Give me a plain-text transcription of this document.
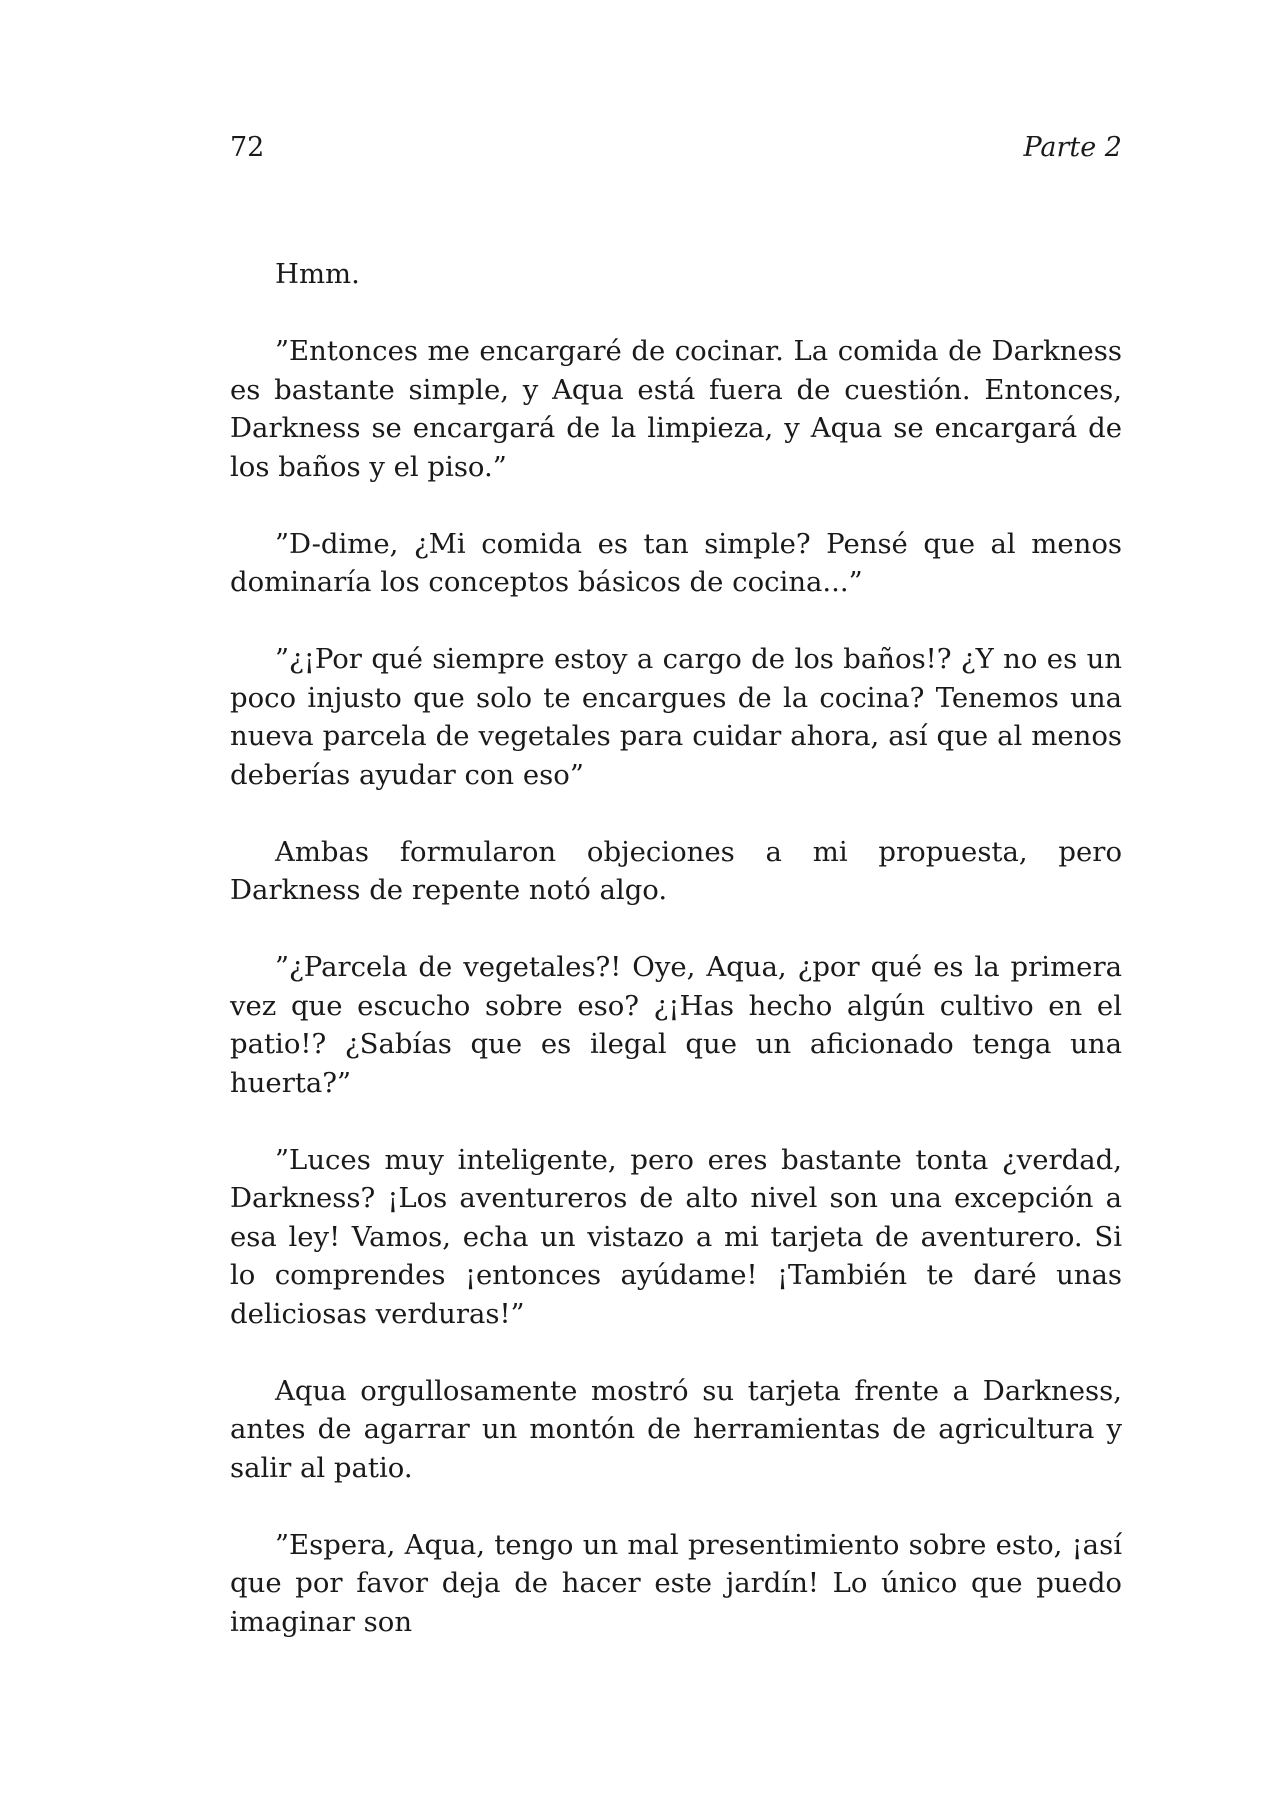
72	Parte 2

Hmm.

”Entonces me encargaré de cocinar. La comida de Darkness es bastante simple, y Aqua está fuera de cuestión. Entonces, Darkness se encargará de la limpieza, y Aqua se encargará de los baños y el piso.”

”D-dime, ¿Mi comida es tan simple? Pensé que al menos dominaría los conceptos básicos de cocina...”

”¿¡Por qué siempre estoy a cargo de los baños!? ¿Y no es un poco injusto que solo te encargues de la cocina? Tenemos una nueva parcela de vegetales para cuidar ahora, así que al menos deberías ayudar con eso”

Ambas formularon objeciones a mi propuesta, pero Darkness de repente notó algo.

”¿Parcela de vegetales?! Oye, Aqua, ¿por qué es la primera vez que escucho sobre eso? ¿¡Has hecho algún cultivo en el patio!? ¿Sabías que es ilegal que un aficionado tenga una huerta?”

”Luces muy inteligente, pero eres bastante tonta ¿verdad, Darkness? ¡Los aventureros de alto nivel son una excepción a esa ley! Vamos, echa un vistazo a mi tarjeta de aventurero. Si lo comprendes ¡entonces ayúdame! ¡También te daré unas deliciosas verduras!”

Aqua orgullosamente mostró su tarjeta frente a Darkness, antes de agarrar un montón de herramientas de agricultura y salir al patio.

”Espera, Aqua, tengo un mal presentimiento sobre esto, ¡así que por favor deja de hacer este jardín! Lo único que puedo imaginar son
